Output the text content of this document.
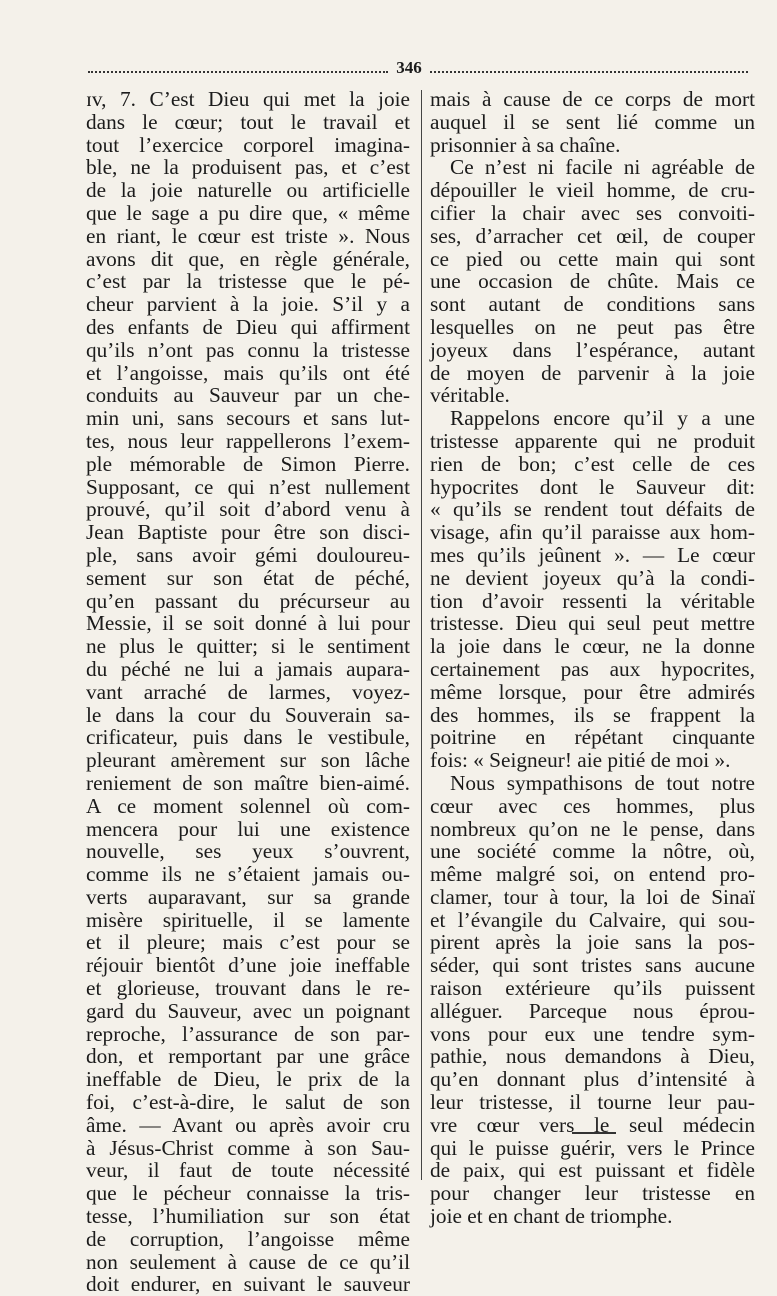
346
ɪv, 7. C’est Dieu qui met la joie
dans le cœur; tout le travail et
tout l’exercice corporel imagina-
ble, ne la produisent pas, et c’est
de la joie naturelle ou artificielle
que le sage a pu dire que, « même
en riant, le cœur est triste ». Nous
avons dit que, en règle générale,
c’est par la tristesse que le pé-
cheur parvient à la joie. S’il y a
des enfants de Dieu qui affirment
qu’ils n’ont pas connu la tristesse
et l’angoisse, mais qu’ils ont été
conduits au Sauveur par un che-
min uni, sans secours et sans lut-
tes, nous leur rappellerons l’exem-
ple mémorable de Simon Pierre.
Supposant, ce qui n’est nullement
prouvé, qu’il soit d’abord venu à
Jean Baptiste pour être son disci-
ple, sans avoir gémi douloureu-
sement sur son état de péché,
qu’en passant du précurseur au
Messie, il se soit donné à lui pour
ne plus le quitter; si le sentiment
du péché ne lui a jamais aupara-
vant arraché de larmes, voyez-
le dans la cour du Souverain sa-
crificateur, puis dans le vestibule,
pleurant amèrement sur son lâche
reniement de son maître bien-aimé.
A ce moment solennel où com-
mencera pour lui une existence
nouvelle, ses yeux s’ouvrent,
comme ils ne s’étaient jamais ou-
verts auparavant, sur sa grande
misère spirituelle, il se lamente
et il pleure; mais c’est pour se
réjouir bientôt d’une joie ineffable
et glorieuse, trouvant dans le re-
gard du Sauveur, avec un poignant
reproche, l’assurance de son par-
don, et remportant par une grâce
ineffable de Dieu, le prix de la
foi, c’est-à-dire, le salut de son
âme. — Avant ou après avoir cru
à Jésus-Christ comme à son Sau-
veur, il faut de toute nécessité
que le pécheur connaisse la tris-
tesse, l’humiliation sur son état
de corruption, l’angoisse même
non seulement à cause de ce qu’il
doit endurer, en suivant le sauveur
mais à cause de ce corps de mort
auquel il se sent lié comme un
prisonnier à sa chaîne.
Ce n’est ni facile ni agréable de
dépouiller le vieil homme, de cru-
cifier la chair avec ses convoiti-
ses, d’arracher cet œil, de couper
ce pied ou cette main qui sont
une occasion de chûte. Mais ce
sont autant de conditions sans
lesquelles on ne peut pas être
joyeux dans l’espérance, autant
de moyen de parvenir à la joie
véritable.
Rappelons encore qu’il y a une
tristesse apparente qui ne produit
rien de bon; c’est celle de ces
hypocrites dont le Sauveur dit:
« qu’ils se rendent tout défaits de
visage, afin qu’il paraisse aux hom-
mes qu’ils jeûnent ». — Le cœur
ne devient joyeux qu’à la condi-
tion d’avoir ressenti la véritable
tristesse. Dieu qui seul peut mettre
la joie dans le cœur, ne la donne
certainement pas aux hypocrites,
même lorsque, pour être admirés
des hommes, ils se frappent la
poitrine en répétant cinquante
fois: « Seigneur! aie pitié de moi ».
Nous sympathisons de tout notre
cœur avec ces hommes, plus
nombreux qu’on ne le pense, dans
une société comme la nôtre, où,
même malgré soi, on entend pro-
clamer, tour à tour, la loi de Sinaï
et l’évangile du Calvaire, qui sou-
pirent après la joie sans la pos-
séder, qui sont tristes sans aucune
raison extérieure qu’ils puissent
alléguer. Parceque nous éprou-
vons pour eux une tendre sym-
pathie, nous demandons à Dieu,
qu’en donnant plus d’intensité à
leur tristesse, il tourne leur pau-
vre cœur vers le seul médecin
qui le puisse guérir, vers le Prince
de paix, qui est puissant et fidèle
pour changer leur tristesse en
joie et en chant de triomphe.
